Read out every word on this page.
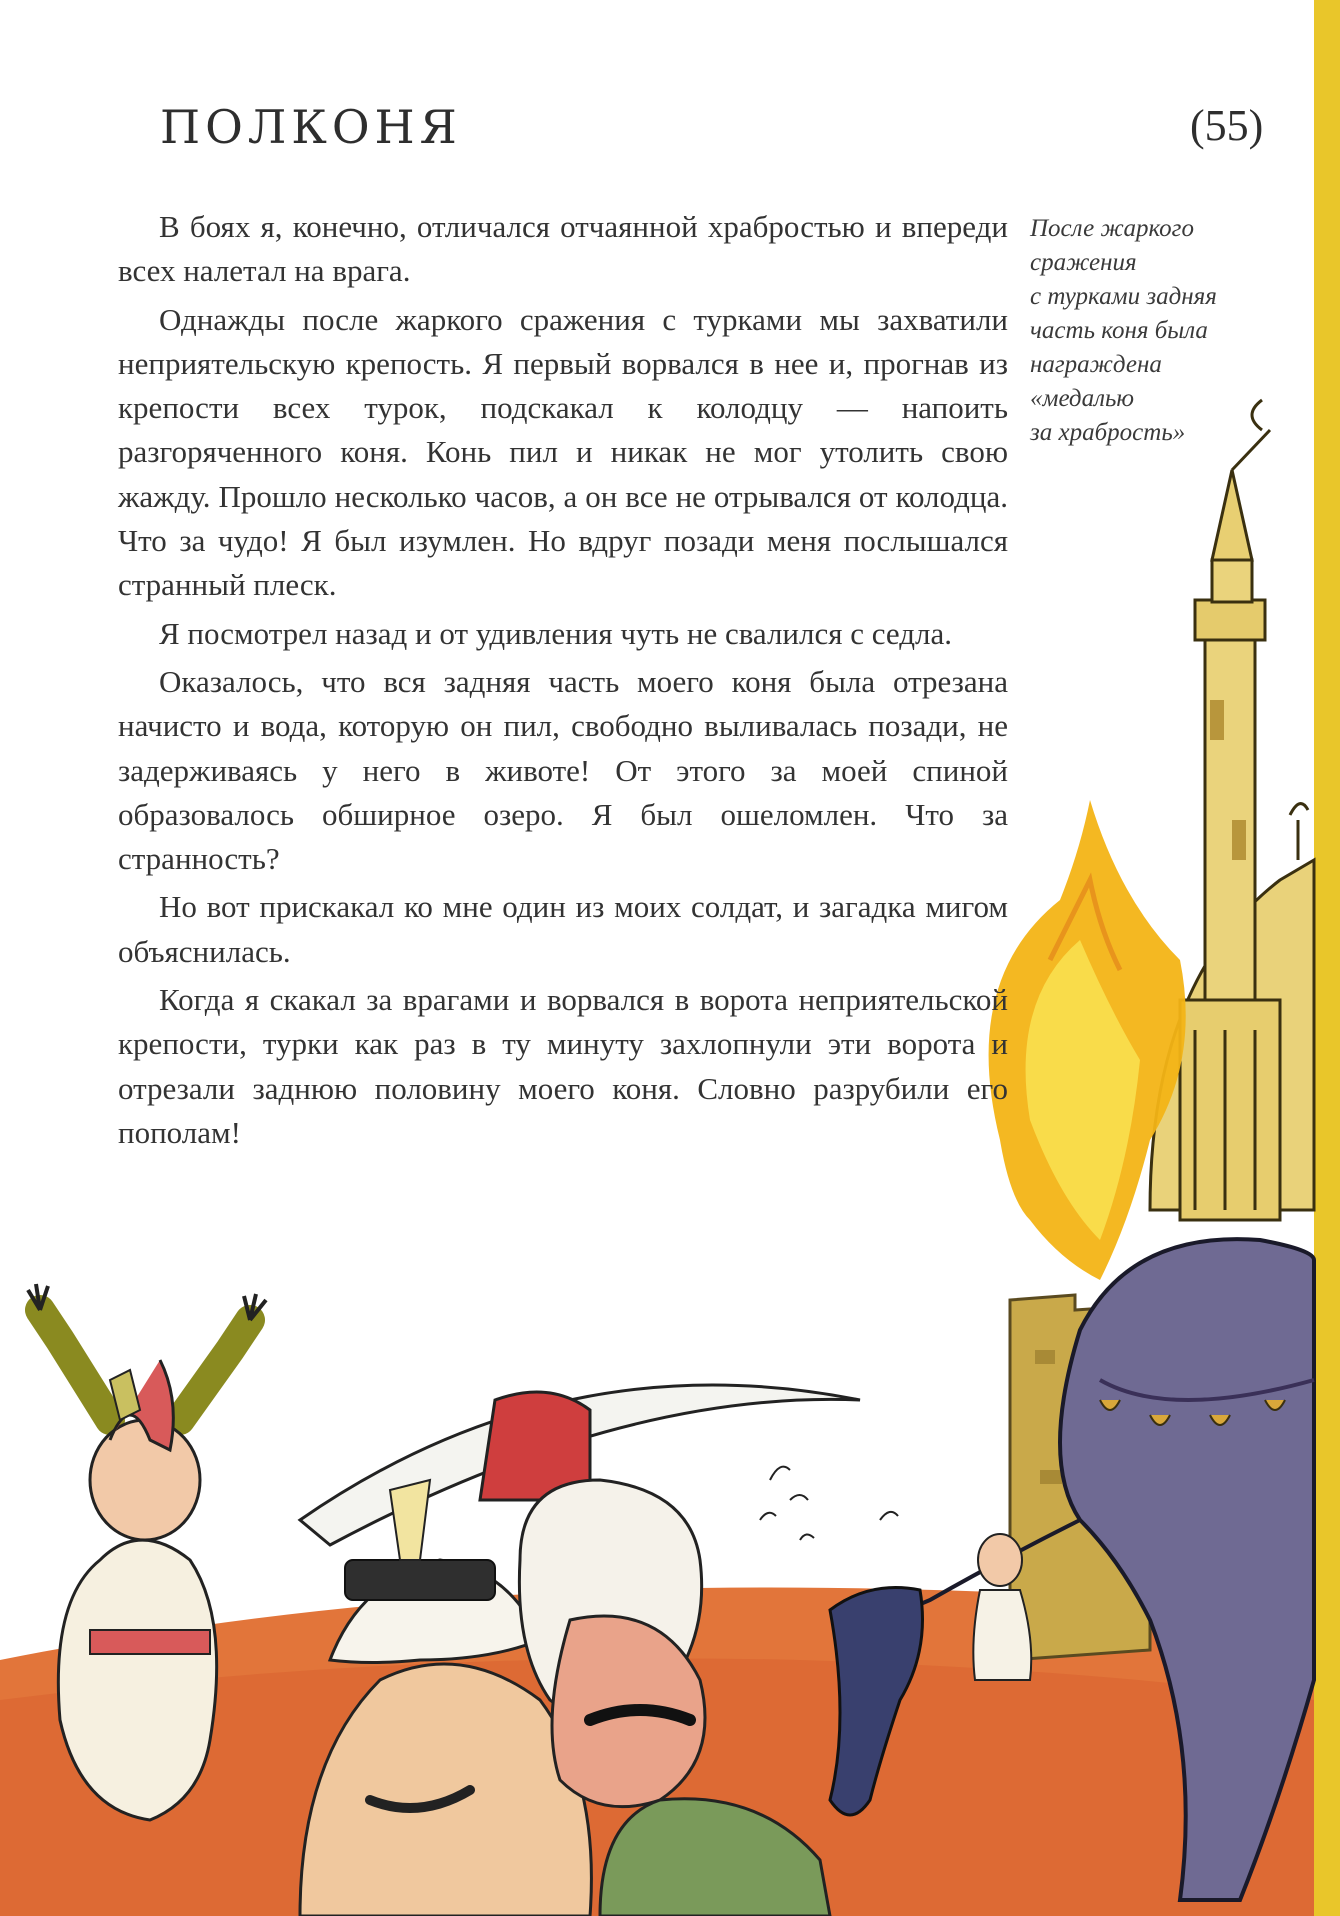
ПОЛКОНЯ	(55)

В боях я, конечно, отличался отчаянной храбростью и впереди всех налетал на врага.

Однажды после жаркого сражения с турками мы захватили неприятельскую крепость. Я первый ворвался в нее и, прогнав из крепости всех турок, подскакал к колодцу — напоить разгоряченного коня. Конь пил и никак не мог утолить свою жажду. Прошло несколько часов, а он все не отрывался от колодца. Что за чудо! Я был изумлен. Но вдруг позади меня послышался странный плеск.

Я посмотрел назад и от удивления чуть не свалился с седла.

Оказалось, что вся задняя часть моего коня была отрезана начисто и вода, которую он пил, свободно выливалась позади, не задерживаясь у него в животе! От этого за моей спиной образовалось обширное озеро. Я был ошеломлен. Что за странность?

Но вот прискакал ко мне один из моих солдат, и загадка мигом объяснилась.

Когда я скакал за врагами и ворвался в ворота неприятельской крепости, турки как раз в ту минуту захлопнули эти ворота и отрезали заднюю половину моего коня. Словно разрубили его пополам!

После жаркого
сражения
с турками задняя
часть коня была
награждена
«медалью
за храбрость»
